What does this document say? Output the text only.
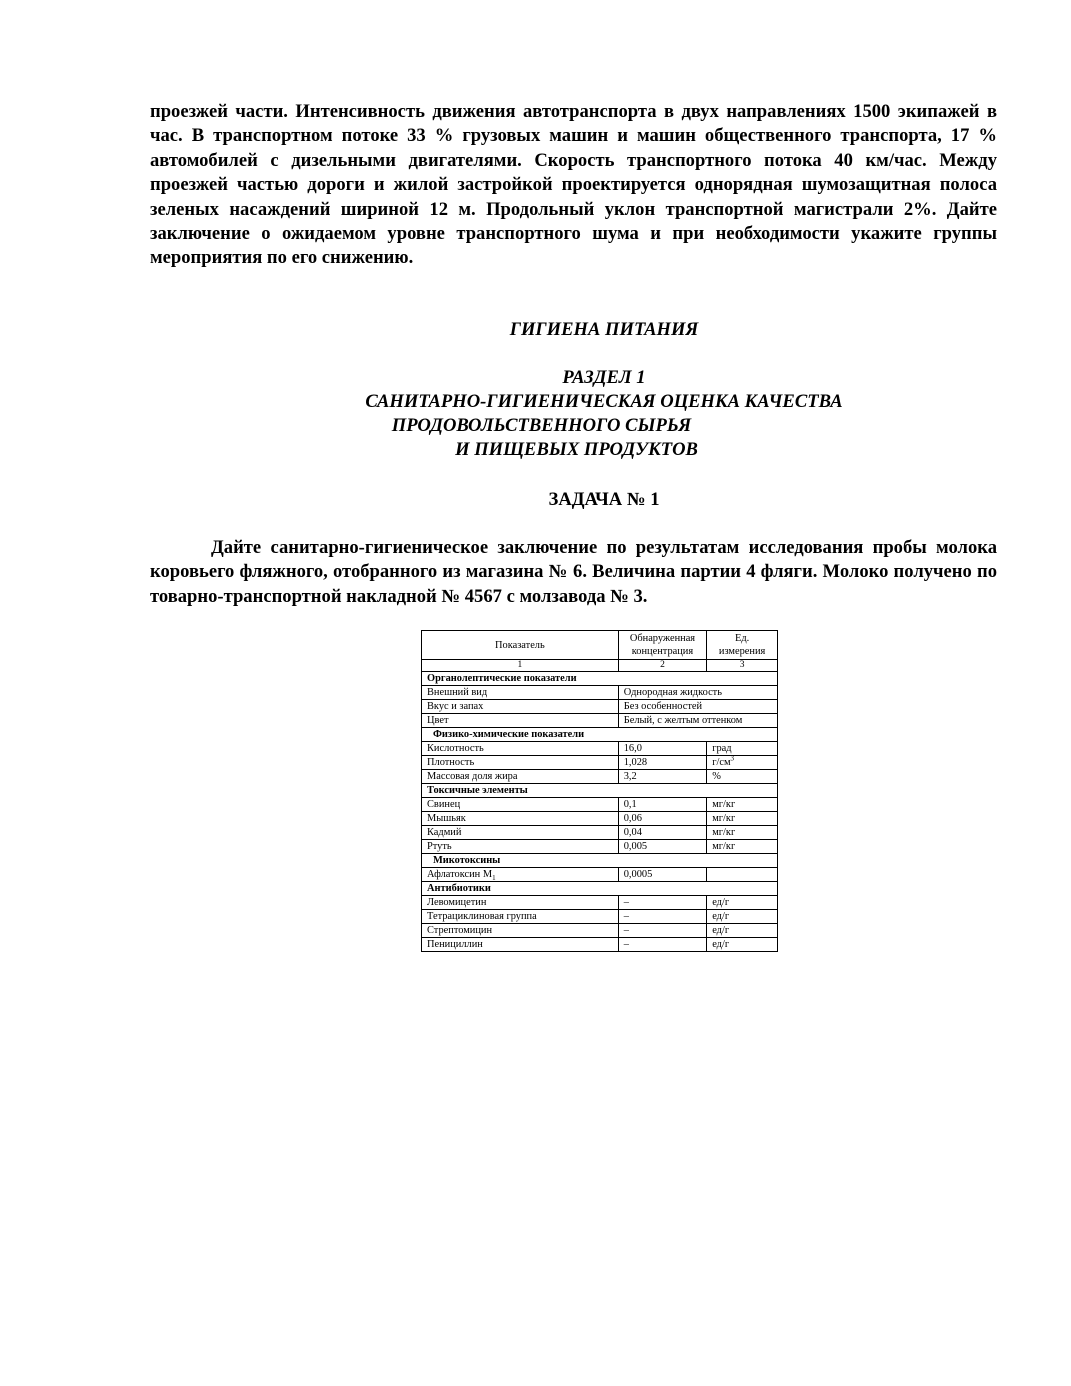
проезжей части. Интенсивность движения автотранспорта в двух направлениях 1500 экипажей в час. В транспортном потоке 33 % грузовых машин и машин общественного транспорта, 17 % автомобилей с дизельными двигателями. Скорость транспортного потока 40 км/час. Между проезжей частью дороги и жилой застройкой проектируется однорядная шумозащитная полоса зеленых насаждений шириной 12 м. Продольный уклон транспортной магистрали 2%. Дайте заключение о ожидаемом уровне транспортного шума и при необходимости укажите группы мероприятия по его снижению.

ГИГИЕНА ПИТАНИЯ
РАЗДЕЛ 1
САНИТАРНО-ГИГИЕНИЧЕСКАЯ ОЦЕНКА КАЧЕСТВА
ПРОДОВОЛЬСТВЕННОГО СЫРЬЯ
И ПИЩЕВЫХ ПРОДУКТОВ
ЗАДАЧА № 1

Дайте санитарно-гигиеническое заключение по результатам исследования пробы молока коровьего фляжного, отобранного из магазина № 6. Величина партии 4 фляги. Молоко получено по товарно-транспортной накладной № 4567 с молзавода № 3.

Показатель	Обнаруженная концентрация	Ед. измерения
1	2	3
Органолептические показатели		
Внешний вид	Однородная жидкость	
Вкус и запах	Без особенностей	
Цвет	Белый, с желтым оттенком	
Физико-химические показатели		
Кислотность	16,0	град
Плотность	1,028	$г/см^3$
Массовая доля жира	3,2	%
Токсичные элементы		
Свинец	0,1	мг/кг
Мышьяк	0,06	мг/кг
Кадмий	0,04	мг/кг
Ртуть	0,005	мг/кг
Микотоксины		
Афлатоксин $М_1$	0,0005	
Антибиотики		
Левомицетин	–	ед/г
Тетрациклиновая группа	–	ед/г
Стрептомицин	–	ед/г
Пенициллин	–	ед/г
